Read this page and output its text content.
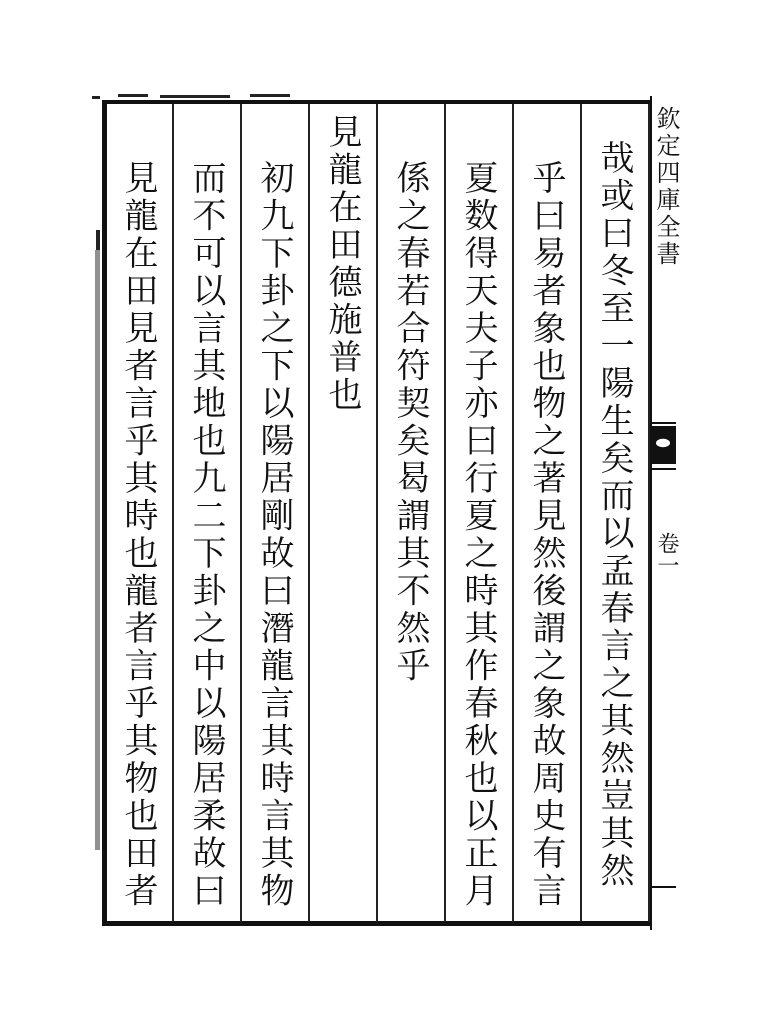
哉或曰冬至一陽生矣而以孟春言之其然豈其然
乎曰易者象也物之著見然後謂之象故周史有言
夏数得天夫子亦曰行夏之時其作春秋也以正月
係之春若合符契矣曷謂其不然乎
見龍在田德施普也
初九下卦之下以陽居剛故曰潛龍言其時言其物
而不可以言其地也九二下卦之中以陽居柔故曰
見龍在田見者言乎其時也龍者言乎其物也田者	欽定四庫全書
卷一
